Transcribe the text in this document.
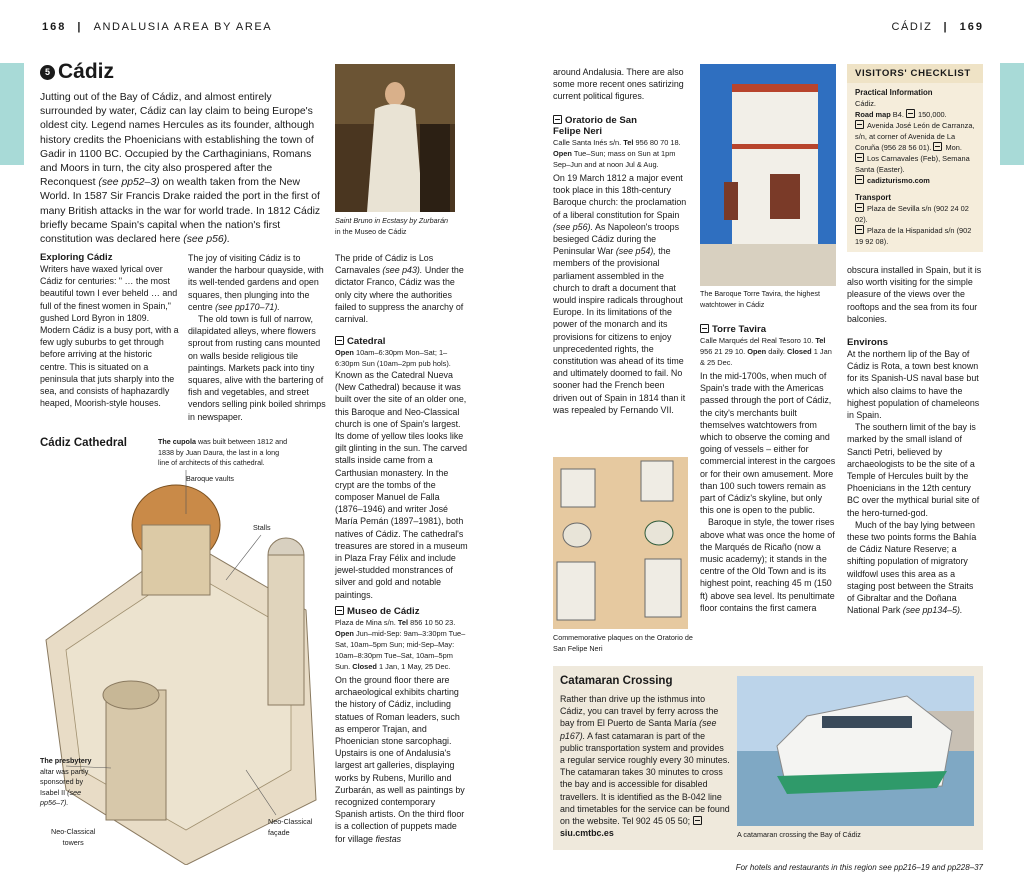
168 | ANDALUSIA AREA BY AREA	CÁDIZ | 169
5 Cádiz
Jutting out of the Bay of Cádiz, and almost entirely surrounded by water, Cádiz can lay claim to being Europe's oldest city. Legend names Hercules as its founder, although history credits the Phoenicians with establishing the town of Gadir in 1100 BC. Occupied by the Carthaginians, Romans and Moors in turn, the city also prospered after the Reconquest (see pp52–3) on wealth taken from the New World. In 1587 Sir Francis Drake raided the port in the first of many British attacks in the war for world trade. In 1812 Cádiz briefly became Spain's capital when the nation's first constitution was declared here (see p56).
Exploring Cádiz

Writers have waxed lyrical over Cádiz for centuries: " … the most beautiful town I ever beheld … and full of the finest women in Spain," gushed Lord Byron in 1809. Modern Cádiz is a busy port, with a few ugly suburbs to get through before arriving at the historic centre. This is situated on a peninsula that juts sharply into the sea, and consists of haphazardly heaped, Moorish-style houses.

The joy of visiting Cádiz is to wander the harbour quayside, with its well-tended gardens and open squares, then plunging into the centre (see pp170–71).

The old town is full of narrow, dilapidated alleys, where flowers sprout from rusting cans mounted on walls beside religious tile paintings. Markets pack into tiny squares, alive with the bartering of fish and vegetables, and street vendors selling pink boiled shrimps in newspaper.

Cádiz Cathedral	The cupola was built between 1812 and 1838 by Juan Daura, the last in a long line of architects of this cathedral.
Baroque vaults
Stalls
The presbytery altar was partly sponsored by Isabel II (see pp56–7).
Neo-Classical
towers
Neo-Classical
façade
Saint Bruno in Ecstasy by Zurbarán
in the Museo de Cádiz

The pride of Cádiz is Los Carnavales (see p43). Under the dictator Franco, Cádiz was the only city where the authorities failed to suppress the anarchy of carnival.

Catedral

Open 10am–6:30pm Mon–Sat; 1–6:30pm Sun (10am–2pm pub hols).

Known as the Catedral Nueva (New Cathedral) because it was built over the site of an older one, this Baroque and Neo-Classical church is one of Spain's largest. Its dome of yellow tiles looks like gilt glinting in the sun. The carved stalls inside came from a Carthusian monastery. In the crypt are the tombs of the composer Manuel de Falla (1876–1946) and writer José María Pemán (1897–1981), both natives of Cádiz. The cathedral's treasures are stored in a museum in Plaza Fray Félix and include jewel-studded monstrances of silver and gold and notable paintings.

Museo de Cádiz

Plaza de Mina s/n. Tel 856 10 50 23. Open Jun–mid-Sep: 9am–3:30pm Tue–Sat, 10am–5pm Sun; mid-Sep–May: 10am–8:30pm Tue–Sat, 10am–5pm Sun. Closed 1 Jan, 1 May, 25 Dec.

On the ground floor there are archaeological exhibits charting the history of Cádiz, including statues of Roman leaders, such as emperor Trajan, and Phoenician stone sarcophagi. Upstairs is one of Andalusia's largest art galleries, displaying works by Rubens, Murillo and Zurbarán, as well as paintings by recognized contemporary Spanish artists. On the third floor is a collection of puppets made for village fiestas

around Andalusia. There are also some more recent ones satirizing current political figures.
Oratorio de San
Felipe Neri

Calle Santa Inés s/n. Tel 956 80 70 18. Open Tue–Sun; mass on Sun at 1pm Sep–Jun and at noon Jul & Aug.

On 19 March 1812 a major event took place in this 18th-century Baroque church: the proclamation of a liberal constitution for Spain (see p56). As Napoleon's troops besieged Cádiz during the Peninsular War (see p54), the members of the provisional parliament assembled in the church to draft a document that would inspire radicals throughout Europe. In its limitations of the power of the monarch and its provisions for citizens to enjoy unprecedented rights, the constitution was ahead of its time and ultimately doomed to fail. No sooner had the French been driven out of Spain in 1814 than it was repealed by Fernando VII.

Commemorative plaques on the Oratorio de
San Felipe Neri
The Baroque Torre Tavira, the highest
watchtower in Cádiz
Torre Tavira

Calle Marqués del Real Tesoro 10. Tel 956 21 29 10. Open daily. Closed 1 Jan & 25 Dec.

In the mid-1700s, when much of Spain's trade with the Americas passed through the port of Cádiz, the city's merchants built themselves watchtowers from which to observe the coming and going of vessels – either for commercial interest in the cargoes or for their own amusement. More than 100 such towers remain as part of Cádiz's skyline, but only this one is open to the public.

Baroque in style, the tower rises above what was once the home of the Marqués de Ricaño (now a music academy); it stands in the centre of the Old Town and is its highest point, reaching 45 m (150 ft) above sea level. Its penultimate floor contains the first camera

VISITORS' CHECKLIST
Practical Information
Cádiz.
Road map B4. 150,000.
Avenida José León de Carranza, s/n, at corner of Avenida de La Coruña (956 28 56 01). Mon. Los Carnavales (Feb), Semana Santa (Easter).
cadizturismo.com
Transport
Plaza de Sevilla s/n (902 24 02 02).
Plaza de la Hispanidad s/n (902 19 92 08).
obscura installed in Spain, but it is also worth visiting for the simple pleasure of the views over the rooftops and the sea from its four balconies.
Environs

At the northern lip of the Bay of Cádiz is Rota, a town best known for its Spanish-US naval base but which also claims to have the highest population of chameleons in Spain.

The southern limit of the bay is marked by the small island of Sancti Petri, believed by archaeologists to be the site of a Temple of Hercules built by the Phoenicians in the 12th century BC over the mythical burial site of the hero-turned-god.

Much of the bay lying between these two points forms the Bahía de Cádiz Nature Reserve; a shifting population of migratory wildfowl uses this area as a staging post between the Straits of Gibraltar and the Doñana National Park (see pp134–5).

Catamaran Crossing

Rather than drive up the isthmus into Cádiz, you can travel by ferry across the bay from El Puerto de Santa María (see p167). A fast catamaran is part of the public transportation system and provides a regular service roughly every 30 minutes. The catamaran takes 30 minutes to cross the bay and is accessible for disabled travellers. It is identified as the B-042 line and timetables for the service can be found on the website. Tel 902 45 05 50; siu.cmtbc.es	A catamaran crossing the Bay of Cádiz
For hotels and restaurants in this region see pp216–19 and pp228–37
